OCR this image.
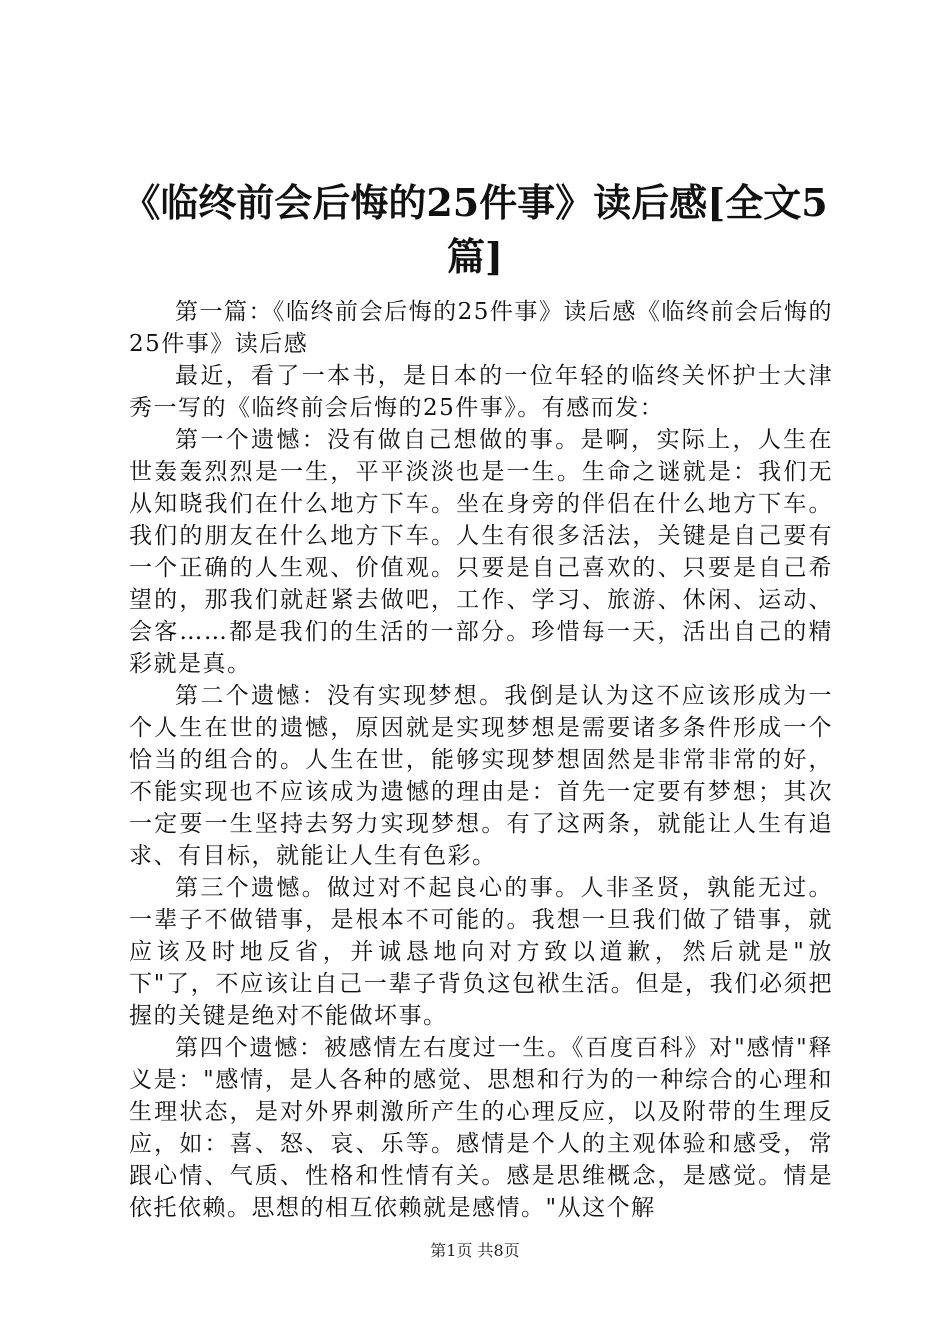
《临终前会后悔的25件事》读后感[全文5篇]

第一篇：《临终前会后悔的25件事》读后感《临终前会后悔的25件事》读后感

最近，看了一本书，是日本的一位年轻的临终关怀护士大津秀一写的《临终前会后悔的25件事》。有感而发：

第一个遗憾：没有做自己想做的事。是啊，实际上，人生在世轰轰烈烈是一生，平平淡淡也是一生。生命之谜就是：我们无从知晓我们在什么地方下车。坐在身旁的伴侣在什么地方下车。我们的朋友在什么地方下车。人生有很多活法，关键是自己要有一个正确的人生观、价值观。只要是自己喜欢的、只要是自己希望的，那我们就赶紧去做吧，工作、学习、旅游、休闲、运动、会客……都是我们的生活的一部分。珍惜每一天，活出自己的精彩就是真。

第二个遗憾：没有实现梦想。我倒是认为这不应该形成为一个人生在世的遗憾，原因就是实现梦想是需要诸多条件形成一个恰当的组合的。人生在世，能够实现梦想固然是非常非常的好，不能实现也不应该成为遗憾的理由是：首先一定要有梦想；其次一定要一生坚持去努力实现梦想。有了这两条，就能让人生有追求、有目标，就能让人生有色彩。

第三个遗憾。做过对不起良心的事。人非圣贤，孰能无过。一辈子不做错事，是根本不可能的。我想一旦我们做了错事，就应该及时地反省，并诚恳地向对方致以道歉，然后就是"放下"了，不应该让自己一辈子背负这包袱生活。但是，我们必须把握的关键是绝对不能做坏事。

第四个遗憾：被感情左右度过一生。《百度百科》对"感情"释义是："感情，是人各种的感觉、思想和行为的一种综合的心理和生理状态，是对外界刺激所产生的心理反应，以及附带的生理反应，如：喜、怒、哀、乐等。感情是个人的主观体验和感受，常跟心情、气质、性格和性情有关。感是思维概念，是感觉。情是依托依赖。思想的相互依赖就是感情。"从这个解

第1页 共8页
